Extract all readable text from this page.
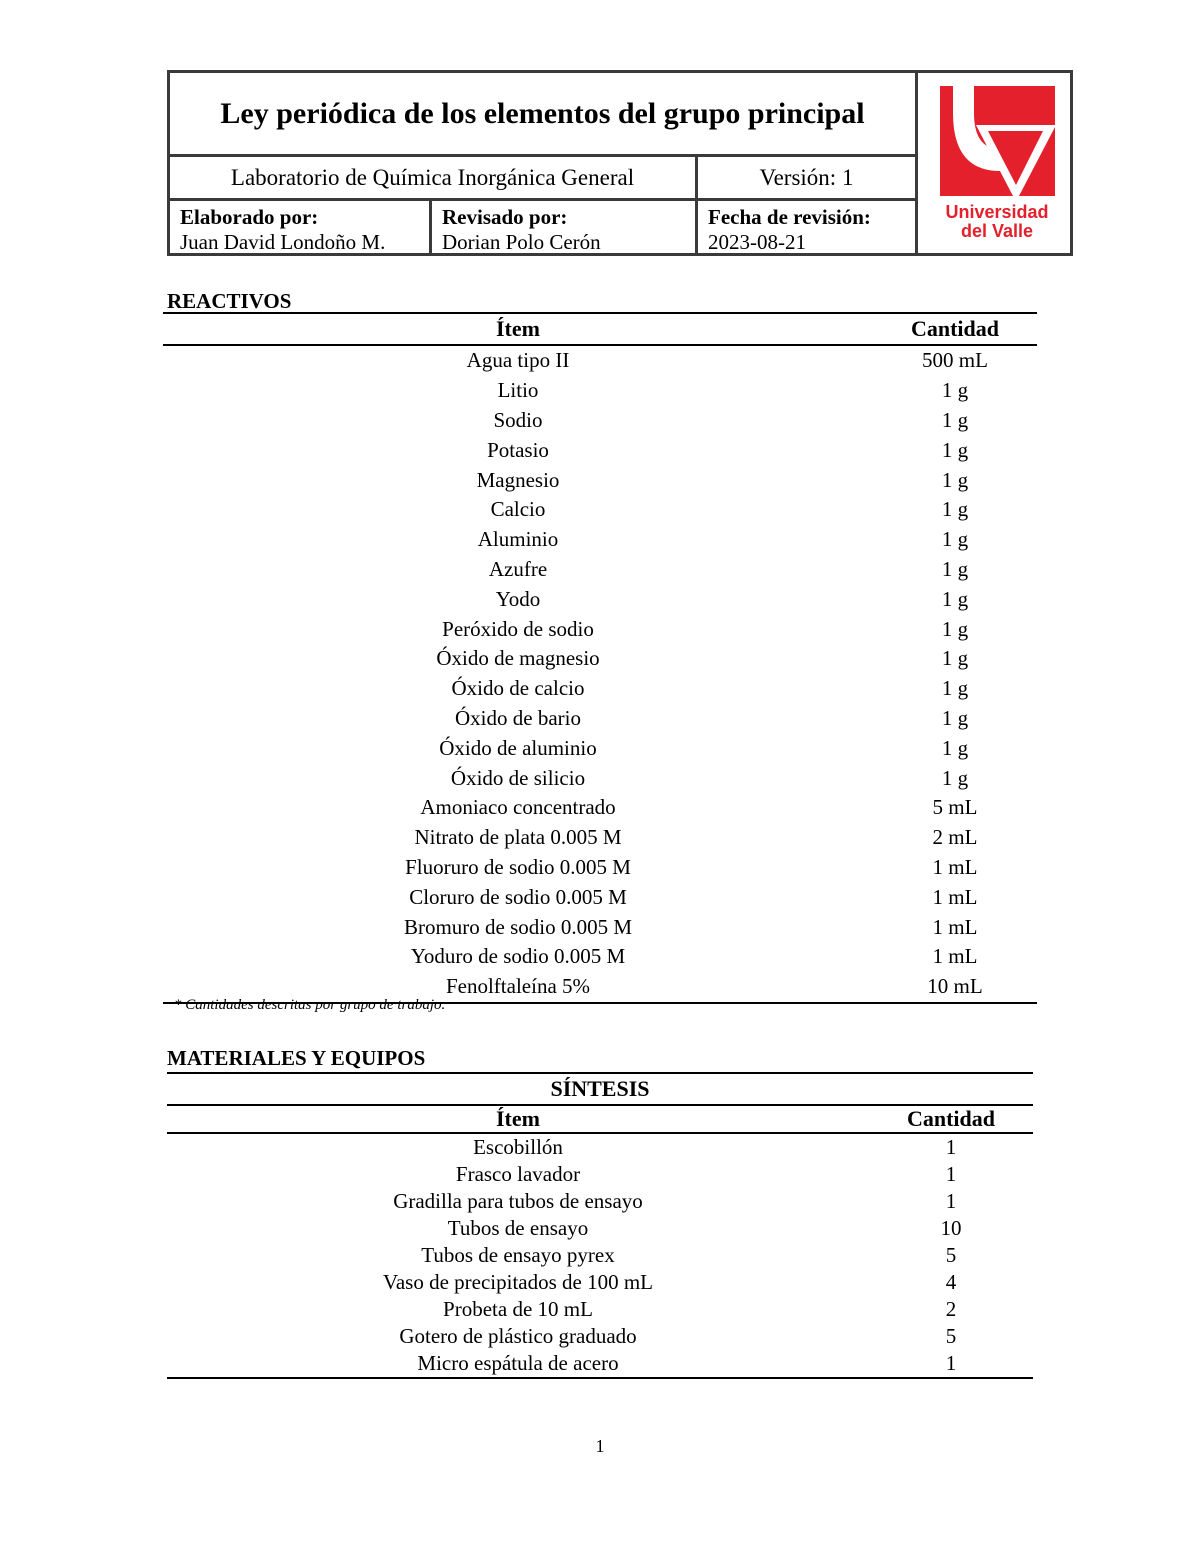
Ley periódica de los elementos del grupo principal
Laboratorio de Química Inorgánica General	Versión: 1
Elaborado por:
Juan David Londoño M.
Revisado por:
Dorian Polo Cerón
Fecha de revisión:
2023-08-21
Universidad
del Valle
REACTIVOS
Ítem	Cantidad
Agua tipo II	500 mL
Litio	1 g
Sodio	1 g
Potasio	1 g
Magnesio	1 g
Calcio	1 g
Aluminio	1 g
Azufre	1 g
Yodo	1 g
Peróxido de sodio	1 g
Óxido de magnesio	1 g
Óxido de calcio	1 g
Óxido de bario	1 g
Óxido de aluminio	1 g
Óxido de silicio	1 g
Amoniaco concentrado	5 mL
Nitrato de plata 0.005 M	2 mL
Fluoruro de sodio 0.005 M	1 mL
Cloruro de sodio 0.005 M	1 mL
Bromuro de sodio 0.005 M	1 mL
Yoduro de sodio 0.005 M	1 mL
Fenolftaleína 5%	10 mL
* Cantidades descritas por grupo de trabajo.
MATERIALES Y EQUIPOS
SÍNTESIS
Ítem	Cantidad
Escobillón	1
Frasco lavador	1
Gradilla para tubos de ensayo	1
Tubos de ensayo	10
Tubos de ensayo pyrex	5
Vaso de precipitados de 100 mL	4
Probeta de 10 mL	2
Gotero de plástico graduado	5
Micro espátula de acero	1
1
